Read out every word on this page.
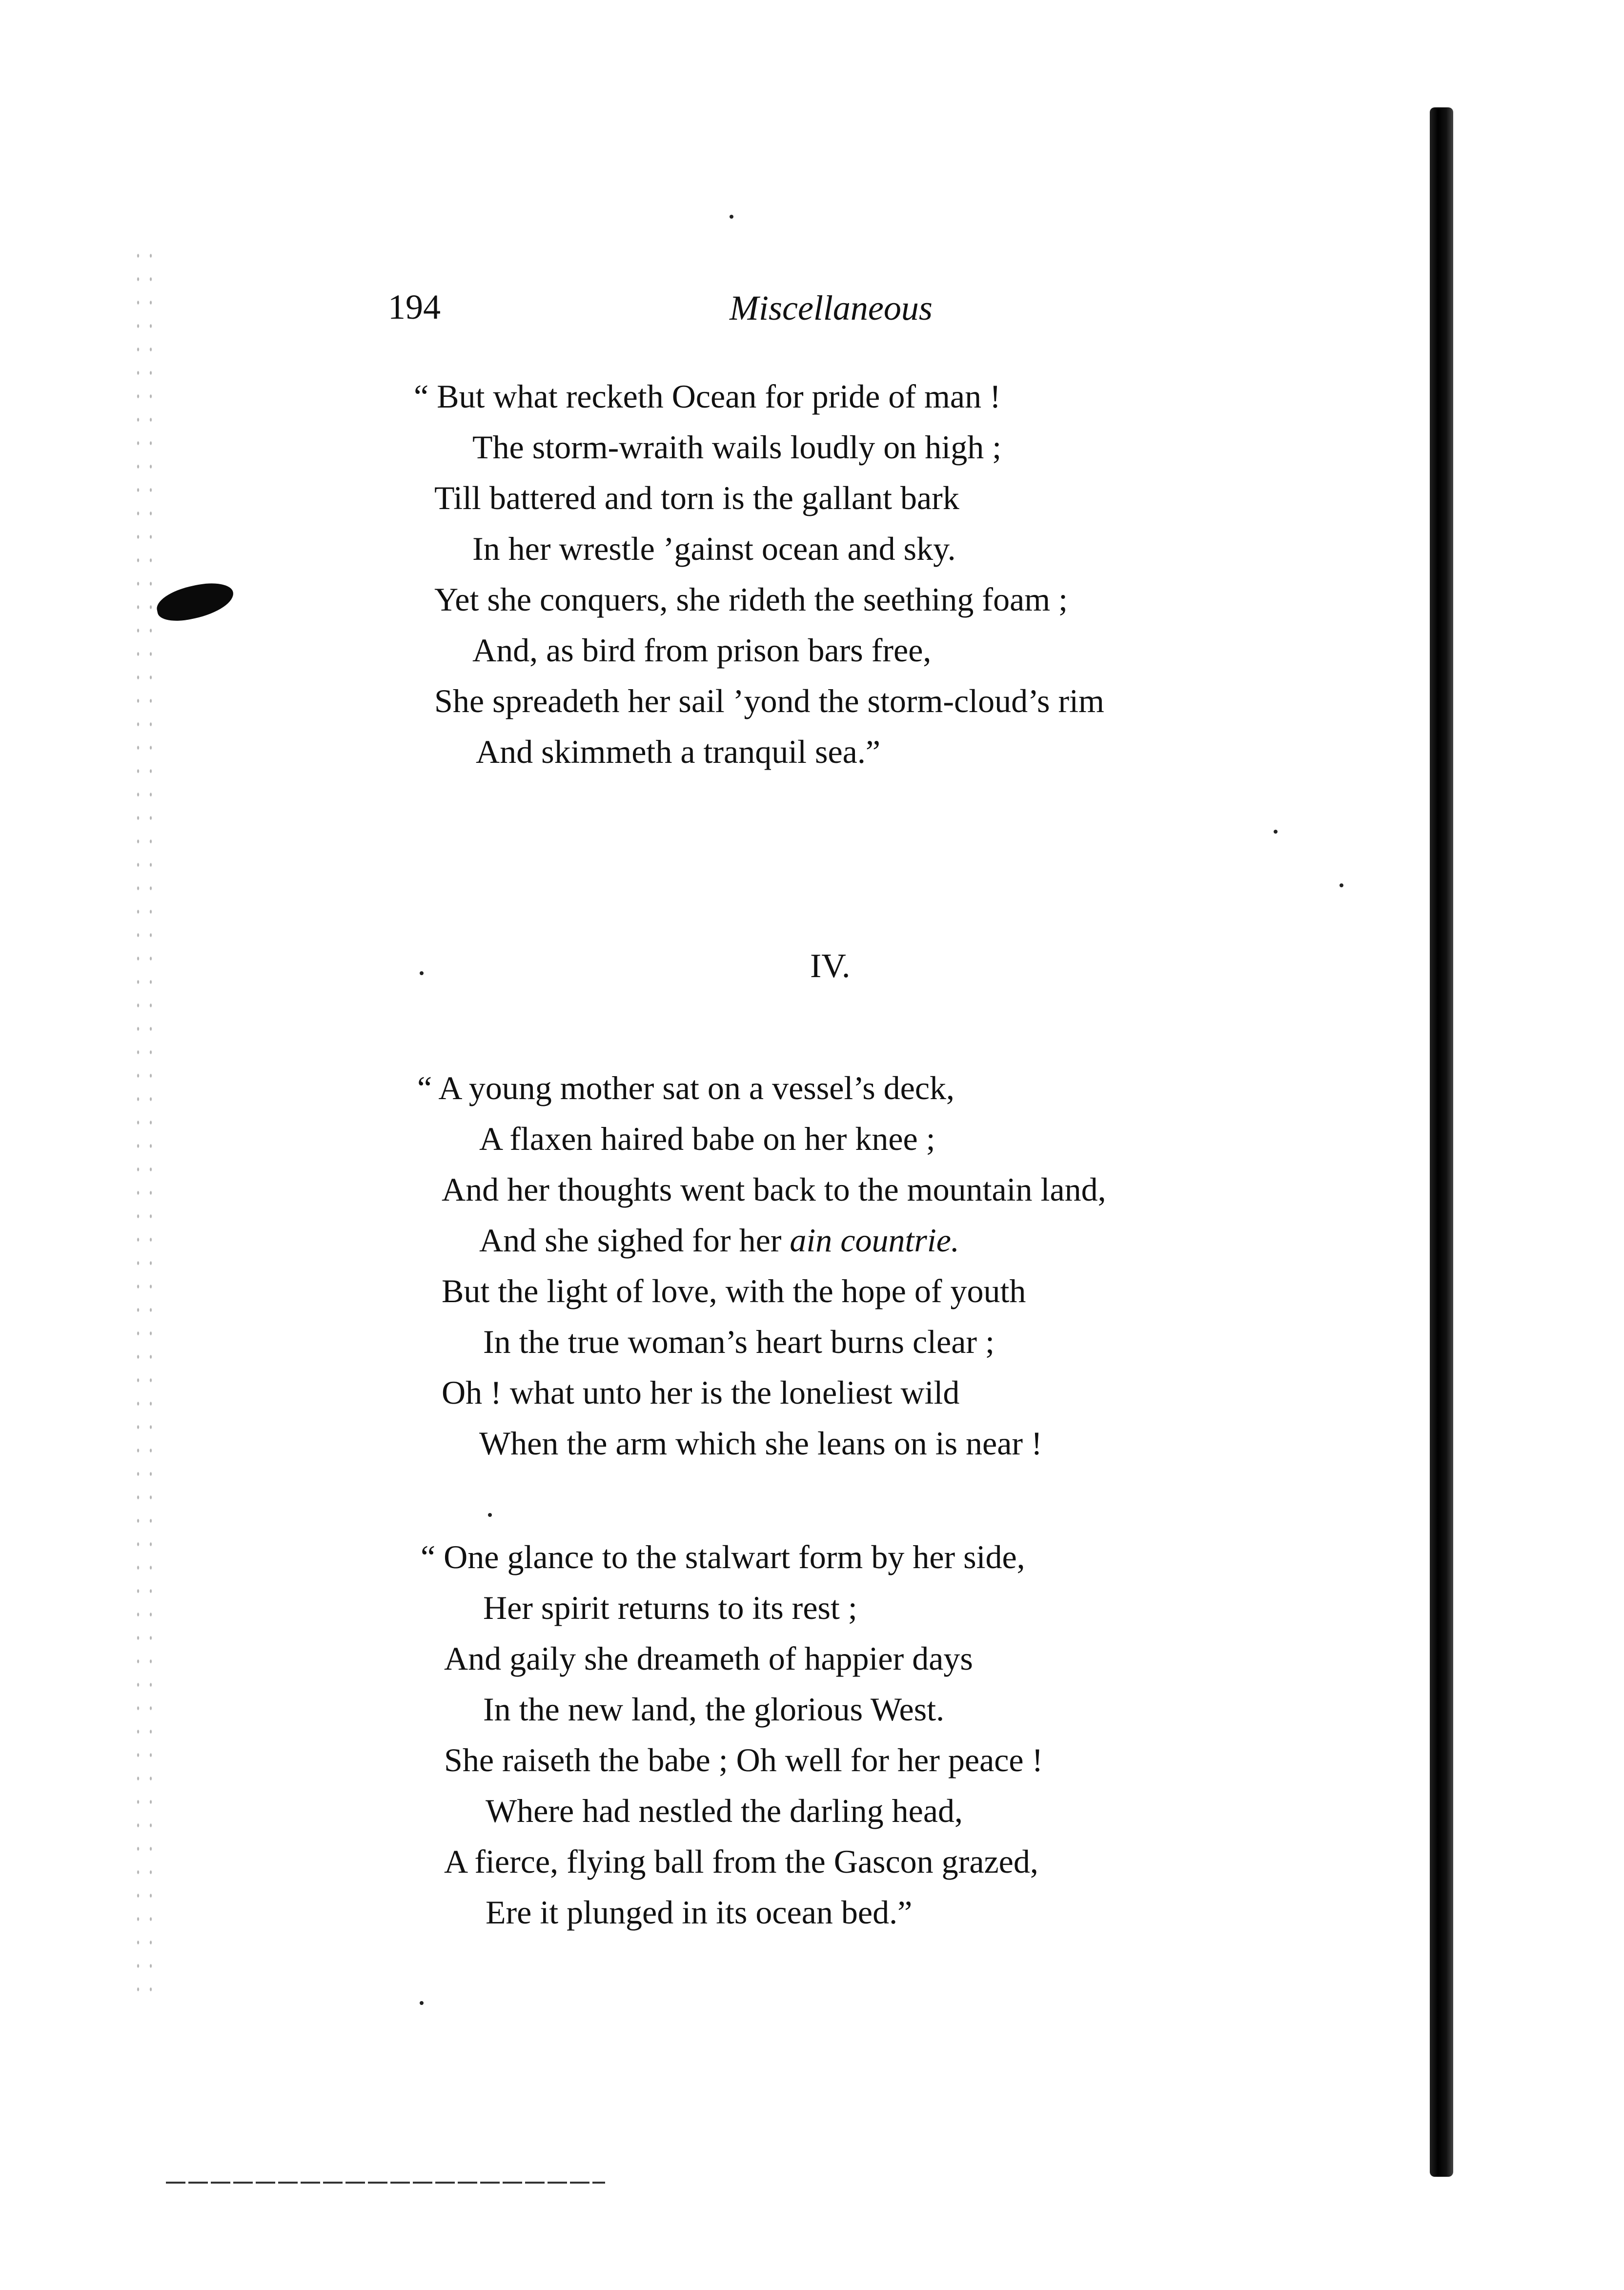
194	Miscellaneous
“ But what recketh Ocean for pride of man !
The storm-wraith wails loudly on high ;
Till battered and torn is the gallant bark
In her wrestle ’gainst ocean and sky.
Yet she conquers, she rideth the seething foam ;
And, as bird from prison bars free,
She spreadeth her sail ’yond the storm-cloud’s rim
And skimmeth a tranquil sea.”
IV.
“ A young mother sat on a vessel’s deck,
A flaxen haired babe on her knee ;
And her thoughts went back to the mountain land,
And she sighed for her ain countrie.
But the light of love, with the hope of youth
In the true woman’s heart burns clear ;
Oh ! what unto her is the loneliest wild
When the arm which she leans on is near !
“ One glance to the stalwart form by her side,
Her spirit returns to its rest ;
And gaily she dreameth of happier days
In the new land, the glorious West.
She raiseth the babe ; Oh well for her peace !
Where had nestled the darling head,
A fierce, flying ball from the Gascon grazed,
Ere it plunged in its ocean bed.”
